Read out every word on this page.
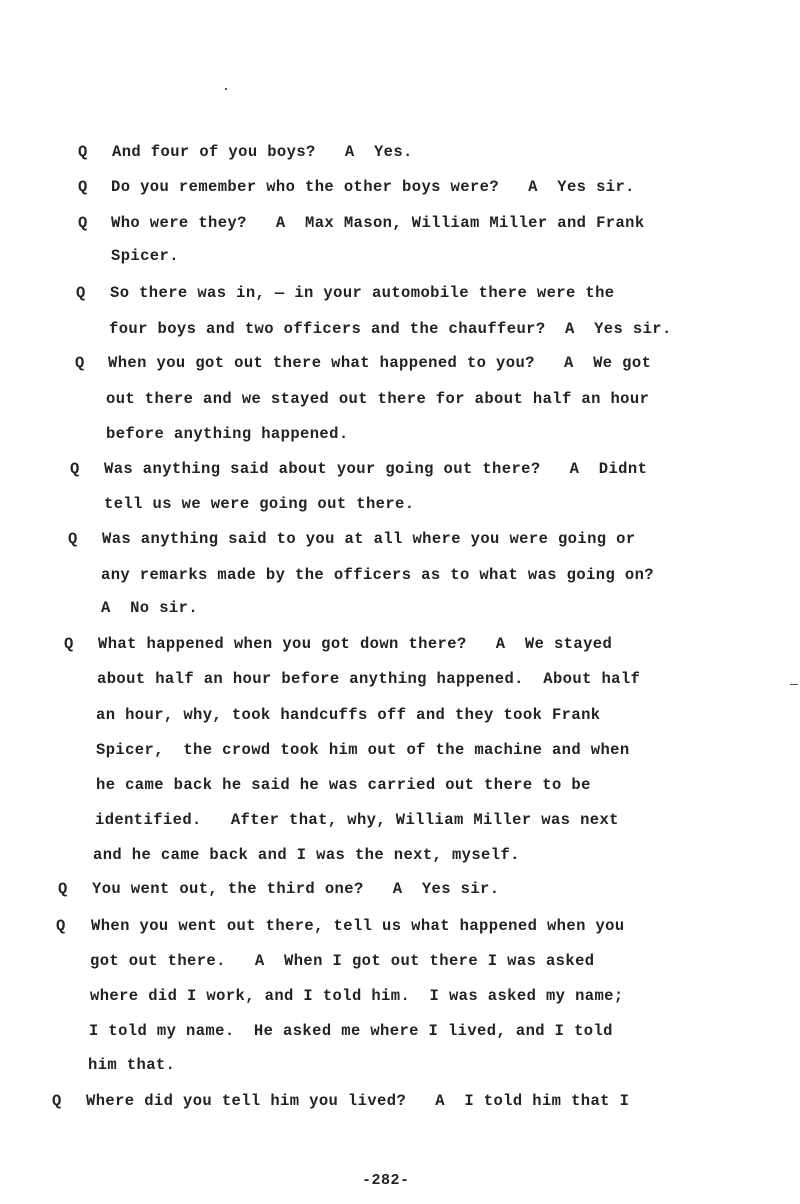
Q And four of you boys?   A  Yes.
Q Do you remember who the other boys were?   A  Yes sir.
Q Who were they?   A  Max Mason, William Miller and Frank
Spicer.
Q So there was in, — in your automobile there were the
four boys and two officers and the chauffeur?  A  Yes sir.
Q When you got out there what happened to you?   A  We got
out there and we stayed out there for about half an hour
before anything happened.
Q Was anything said about your going out there?   A  Didnt
tell us we were going out there.
Q Was anything said to you at all where you were going or
any remarks made by the officers as to what was going on?
A  No sir.
Q What happened when you got down there?   A  We stayed
about half an hour before anything happened.  About half
an hour, why, took handcuffs off and they took Frank
Spicer,  the crowd took him out of the machine and when
he came back he said he was carried out there to be
identified.   After that, why, William Miller was next
and he came back and I was the next, myself.
Q You went out, the third one?   A  Yes sir.
Q When you went out there, tell us what happened when you
got out there.   A  When I got out there I was asked
where did I work, and I told him.  I was asked my name;
I told my name.  He asked me where I lived, and I told
him that.
Q Where did you tell him you lived?   A  I told him that I
-282-
